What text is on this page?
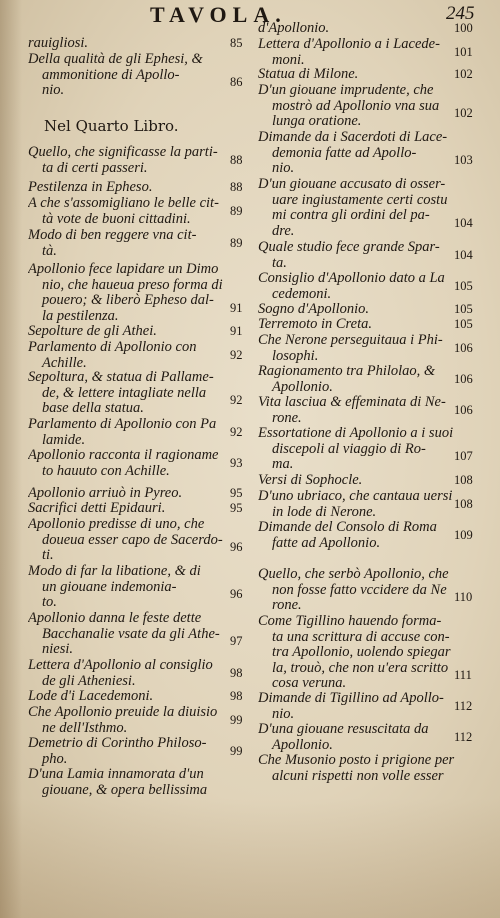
TAVOLA.	245
Nel Quarto Libro.
rauigliosi.	85
Della qualità de gli Ephesi, &
ammonitione di Apollo-
nio.	86
Quello, che significasse la parti-
ta di certi passeri.	88
Pestilenza in Epheso.	88
A che s'assomigliano le belle cit-
tà vote de buoni cittadini.	89
Modo di ben reggere vna cit-
tà.	89
Apollonio fece lapidare un Dimo
nio, che haueua preso forma di
pouero; & liberò Epheso dal-
la pestilenza.	91
Sepolture de gli Athei.	91
Parlamento di Apollonio con
Achille.	92
Sepoltura, & statua di Pallame-
de, & lettere intagliate nella
base della statua.	92
Parlamento di Apollonio con Pa
lamide.	92
Apollonio racconta il ragioname
to hauuto con Achille.	93
Apollonio arriuò in Pyreo.	95
Sacrifici detti Epidauri.	95
Apollonio predisse di uno, che
doueua esser capo de Sacerdo-
ti.	96
Modo di far la libatione, & di
un giouane indemonia-
to.	96
Apollonio danna le feste dette
Bacchanalie vsate da gli Athe-
niesi.	97
Lettera d'Apollonio al consiglio
de gli Atheniesi.	98
Lode d'i Lacedemoni.	98
Che Apollonio preuide la diuisio
ne dell'Isthmo.	99
Demetrio di Corintho Philoso-
pho.	99
D'una Lamia innamorata d'un
giouane, & opera bellissima
d'Apollonio.	100
Lettera d'Apollonio a i Lacede-
moni.	101
Statua di Milone.	102
D'un giouane imprudente, che
mostrò ad Apollonio vna sua
lunga oratione.	102
Dimande da i Sacerdoti di Lace-
demonia fatte ad Apollo-
nio.	103
D'un giouane accusato di osser-
uare ingiustamente certi costu
mi contra gli ordini del pa-
dre.	104
Quale studio fece grande Spar-
ta.	104
Consiglio d'Apollonio dato a La
cedemoni.	105
Sogno d'Apollonio.	105
Terremoto in Creta.	105
Che Nerone perseguitaua i Phi-
losophi.	106
Ragionamento tra Philolao, &
Apollonio.	106
Vita lasciua & effeminata di Ne-
rone.	106
Essortatione di Apollonio a i suoi
discepoli al viaggio di Ro-
ma.	107
Versi di Sophocle.	108
D'uno ubriaco, che cantaua uersi
in lode di Nerone.	108
Dimande del Consolo di Roma
fatte ad Apollonio.	109
Quello, che serbò Apollonio, che
non fosse fatto vccidere da Ne
rone.	110
Come Tigillino hauendo forma-
ta una scrittura di accuse con-
tra Apollonio, uolendo spiegar
la, trouò, che non u'era scritto
cosa veruna.	111
Dimande di Tigillino ad Apollo-
nio.	112
D'una giouane resuscitata da
Apollonio.	112
Che Musonio posto i prigione per
alcuni rispetti non volle esser
